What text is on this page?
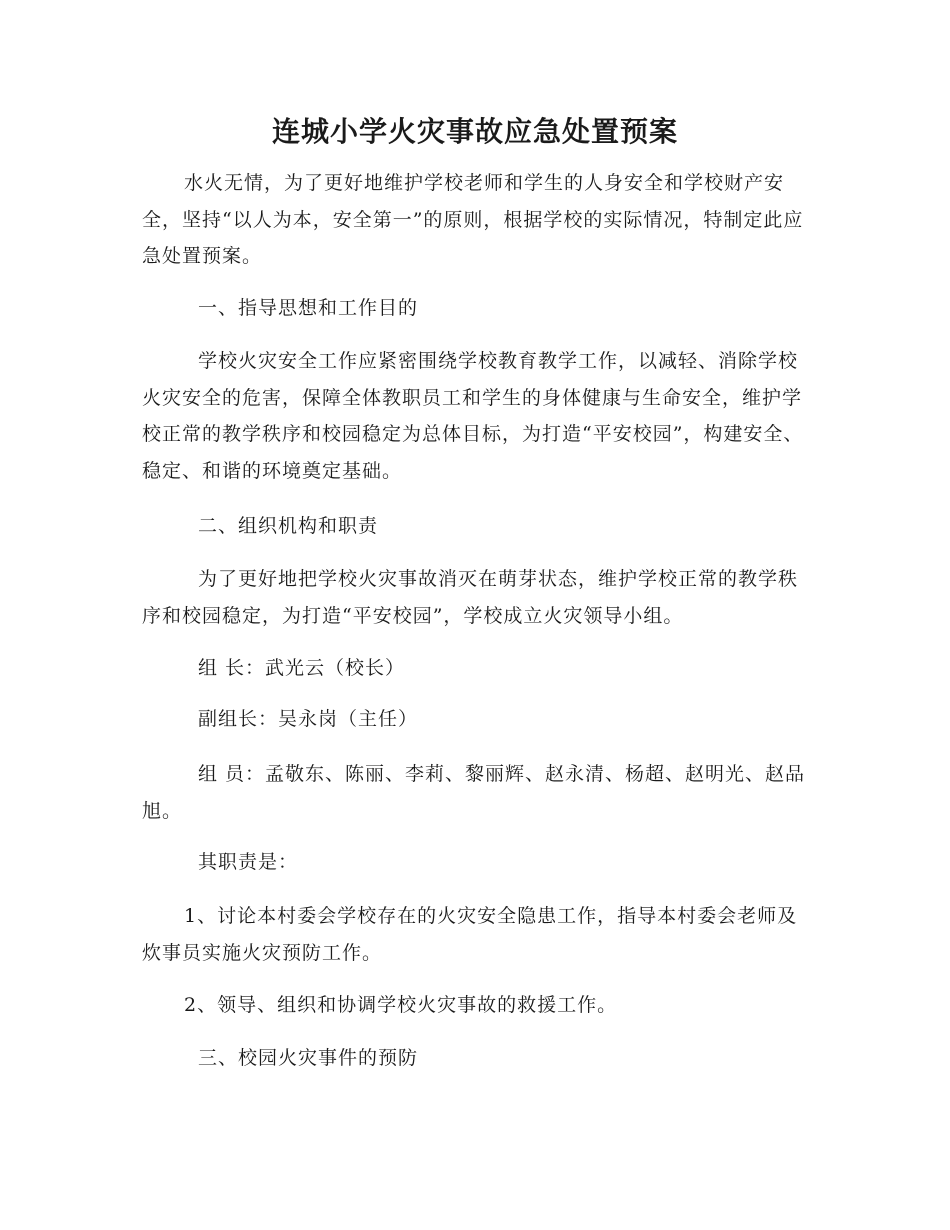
连城小学火灾事故应急处置预案

水火无情，为了更好地维护学校老师和学生的人身安全和学校财产安全，坚持“以人为本，安全第一”的原则，根据学校的实际情况，特制定此应急处置预案。

一、指导思想和工作目的

学校火灾安全工作应紧密围绕学校教育教学工作，以减轻、消除学校火灾安全的危害，保障全体教职员工和学生的身体健康与生命安全，维护学校正常的教学秩序和校园稳定为总体目标，为打造“平安校园”，构建安全、稳定、和谐的环境奠定基础。

二、组织机构和职责

为了更好地把学校火灾事故消灭在萌芽状态，维护学校正常的教学秩序和校园稳定，为打造“平安校园”，学校成立火灾领导小组。

组 长：武光云（校长）

副组长：吴永岗（主任）

组 员：孟敬东、陈丽、李莉、黎丽辉、赵永清、杨超、赵明光、赵品旭。

其职责是：

1、讨论本村委会学校存在的火灾安全隐患工作，指导本村委会老师及炊事员实施火灾预防工作。

2、领导、组织和协调学校火灾事故的救援工作。

三、校园火灾事件的预防
